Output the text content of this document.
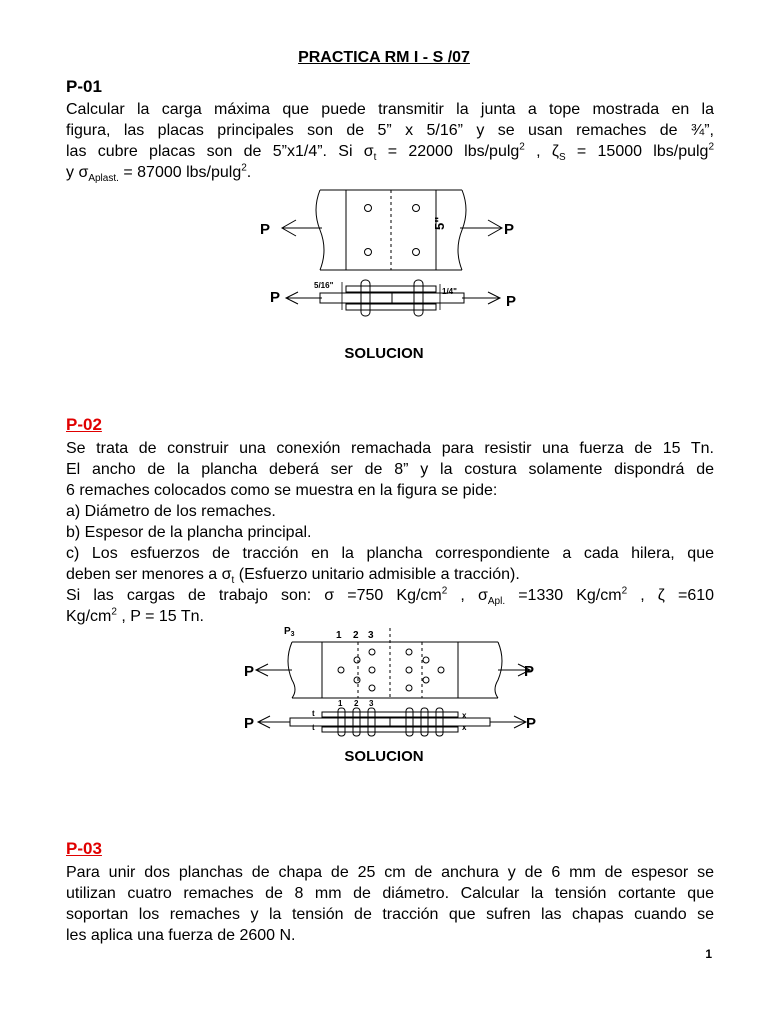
PRACTICA RM I - S /07
P-01
Calcular la carga máxima que puede transmitir la junta a tope mostrada en la
figura, las placas principales son de 5” x 5/16” y se usan remaches de ¾”,
las cubre placas son de 5”x1/4”. Si $\sigma_t = 22000$ lbs/pulg$^2$ , $\zeta_S = 15000$ lbs/pulg$^2$
y $\sigma_{Aplast.} = 87000$ lbs/pulg$^2$.
P	P
5"
P	P
5/16"
1/4"
SOLUCION
P-02
Se trata de construir una conexión remachada para resistir una fuerza de 15 Tn.
El ancho de la plancha deberá ser de 8” y la costura solamente dispondrá de
6 remaches colocados como se muestra en la figura se pide:
a) Diámetro de los remaches.
b) Espesor de la plancha principal.
c) Los esfuerzos de tracción en la plancha correspondiente a cada hilera, que
deben ser menores a $\sigma_t$ (Esfuerzo unitario admisible a tracción).
Si las cargas de trabajo son: σ =750 $Kg/cm^2$ , $\sigma_{Apl.} =1330$ $Kg/cm^2$ , ζ =610
$Kg/cm^2$ , P = 15 Tn.
$P_3$	1 2 3
1 2 3
P	P
P	P
t
t
x
x
SOLUCION
P-03
Para unir dos planchas de chapa de 25 cm de anchura y de 6 mm de espesor se
utilizan cuatro remaches de 8 mm de diámetro. Calcular la tensión cortante que
soportan los remaches y la tensión de tracción que sufren las chapas cuando se
les aplica una fuerza de 2600 N.
1
